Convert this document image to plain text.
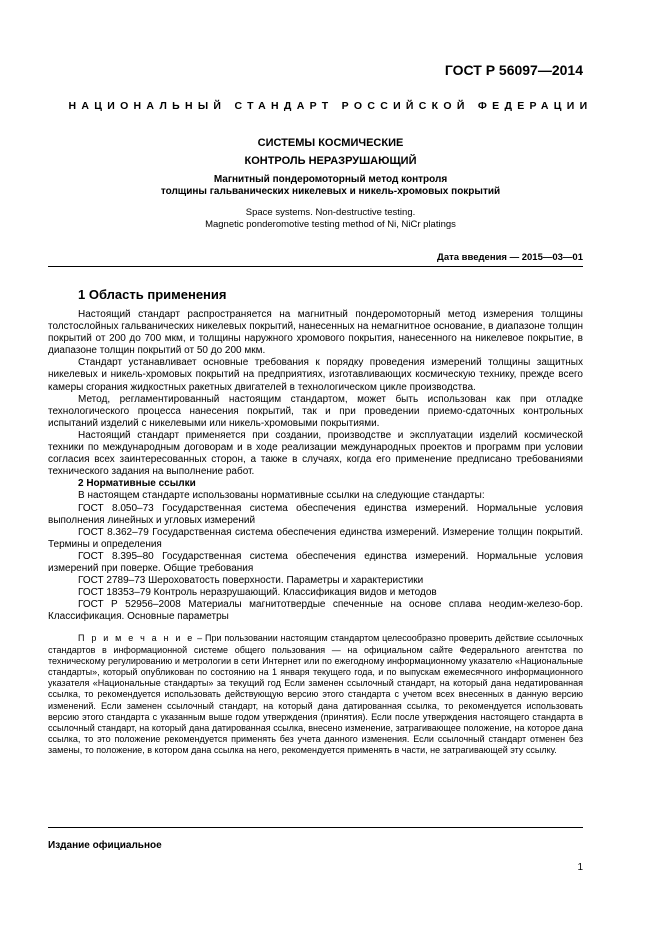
ГОСТ Р 56097—2014
НАЦИОНАЛЬНЫЙ СТАНДАРТ РОССИЙСКОЙ ФЕДЕРАЦИИ
СИСТЕМЫ КОСМИЧЕСКИЕ
КОНТРОЛЬ НЕРАЗРУШАЮЩИЙ
Магнитный пондеромоторный метод контроля
толщины гальванических никелевых и никель-хромовых покрытий
Space systems. Non-destructive testing.
Magnetic ponderomotive testing method of Ni, NiCr platings
Дата введения — 2015—03—01

1 Область применения

Настоящий стандарт распространяется на магнитный пондеромоторный метод измерения толщины толстослойных гальванических никелевых покрытий, нанесенных на немагнитное основание, в диапазоне толщин покрытий от 200 до 700 мкм, и толщины наружного хромового покрытия, нанесенного на никелевое покрытие, в диапазоне толщин покрытий от 50 до 200 мкм.

Стандарт устанавливает основные требования к порядку проведения измерений толщины защитных никелевых и никель-хромовых покрытий на предприятиях, изготавливающих космическую технику, прежде всего камеры сгорания жидкостных ракетных двигателей в технологическом цикле производства.

Метод, регламентированный настоящим стандартом, может быть использован как при отладке технологического процесса нанесения покрытий, так и при проведении приемо-сдаточных контрольных испытаний изделий с никелевыми или никель-хромовыми покрытиями.

Настоящий стандарт применяется при создании, производстве и эксплуатации изделий космической техники по международным договорам и в ходе реализации международных проектов и программ при условии согласия всех заинтересованных сторон, а также в случаях, когда его применение предписано требованиями технического задания на выполнение работ.

2 Нормативные ссылки

В настоящем стандарте использованы нормативные ссылки на следующие стандарты:

ГОСТ 8.050–73 Государственная система обеспечения единства измерений. Нормальные условия выполнения линейных и угловых измерений

ГОСТ 8.362–79 Государственная система обеспечения единства измерений. Измерение толщин покрытий. Термины и определения

ГОСТ 8.395–80 Государственная система обеспечения единства измерений. Нормальные условия измерений при поверке. Общие требования

ГОСТ 2789–73 Шероховатость поверхности. Параметры и характеристики

ГОСТ 18353–79 Контроль неразрушающий. Классификация видов и методов

ГОСТ Р 52956–2008 Материалы магнитотвердые спеченные на основе сплава неодим-железо-бор. Классификация. Основные параметры

П р и м е ч а н и е – При пользовании настоящим стандартом целесообразно проверить действие ссылочных стандартов в информационной системе общего пользования — на официальном сайте Федерального агентства по техническому регулированию и метрологии в сети Интернет или по ежегодному информационному указателю «Национальные стандарты», который опубликован по состоянию на 1 января текущего года, и по выпускам ежемесячного информационного указателя «Национальные стандарты» за текущий год Если заменен ссылочный стандарт, на который дана недатированная ссылка, то рекомендуется использовать действующую версию этого стандарта с учетом всех внесенных в данную версию изменений. Если заменен ссылочный стандарт, на который дана датированная ссылка, то рекомендуется использовать версию этого стандарта с указанным выше годом утверждения (принятия). Если после утверждения настоящего стандарта в ссылочный стандарт, на который дана датированная ссылка, внесено изменение, затрагивающее положение, на которое дана ссылка, то это положение рекомендуется применять без учета данного изменения. Если ссылочный стандарт отменен без замены, то положение, в котором дана ссылка на него, рекомендуется применять в части, не затрагивающей эту ссылку.

Издание официальное
1
